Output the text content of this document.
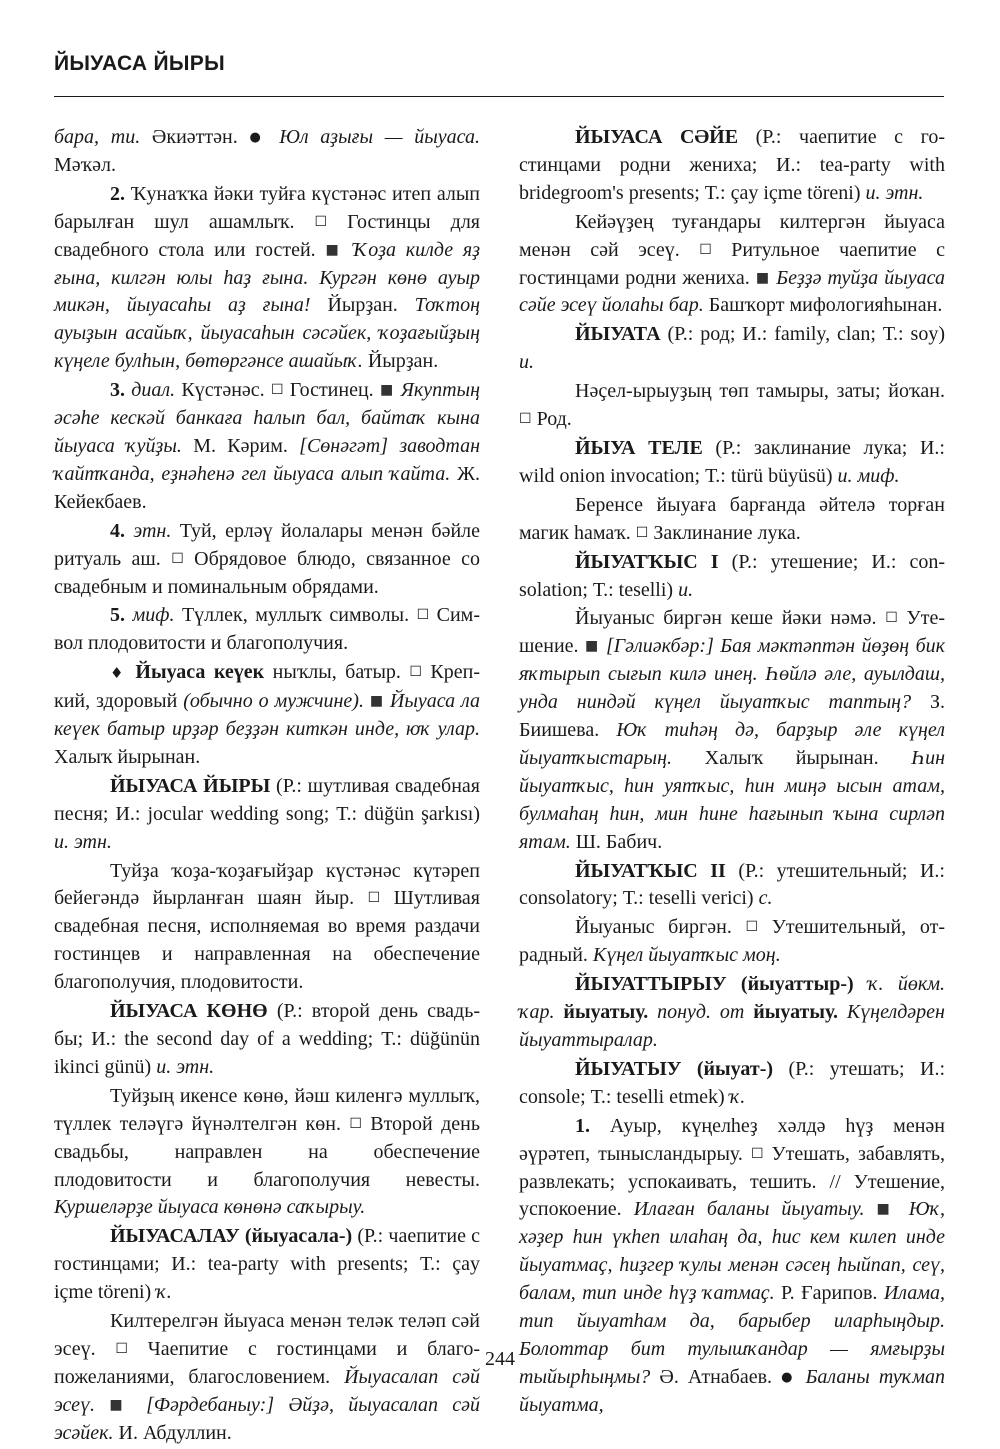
ЙЫУАСА ЙЫРЫ

бара, ти. Әкиәттән. ● Юл аҙығы — йыуаса. Мәҡәл.

2. Ҡунаҡҡа йәки туйға күстәнәс итеп алып барылған шул ашамлыҡ. ☐ Гостинцы для свадебного стола или гостей. ■ Ҡоҙа килде яҙ ғына, килгән юлы һаҙ ғына. Кургән көнө ауыр микән, йыуасаһы аҙ ғына! Йырҙан. Тоҡтоң ауыҙын асайыҡ, йыуасаһын сәсәйек, ҡоҙағыйҙың күңеле булһын, бөтөргәнсе ашайыҡ. Йырҙан.

3. диал. Күстәнәс. ☐ Гостинец. ■ Якуптың әсәһе кескәй банкаға һалып бал, байтаҡ кына йыуаса ҡуйҙы. М. Кәрим. [Сөнәгәт] заводтан ҡайтҡанда, еҙнәһенә гел йыуаса алып ҡайта. Ж. Кейекбаев.

4. этн. Туй, ерләү йолалары менән бәйле ритуаль аш. ☐ Обрядовое блюдо, связанное со свадебным и поминальным обрядами.

5. миф. Түллек, муллыҡ символы. ☐ Символ плодовитости и благополучия.

♦ Йыуаса кеүек ныҡлы, батыр. ☐ Крепкий, здоровый (обычно о мужчине). ■ Йыуаса ла кеүек батыр ирҙәр беҙҙән киткән инде, юҡ улар. Халыҡ йырынан.

ЙЫУАСА ЙЫРЫ (Р.: шутливая свадебная песня; И.: jocular wedding song; Т.: düğün şarkısı) и. этн.

Туйҙа ҡоҙа-ҡоҙағыйҙар күстәнәс күтәреп бейегәндә йырланған шаян йыр. ☐ Шутливая свадебная песня, исполняемая во время раздачи гостинцев и направленная на обеспечение благополучия, плодовитости.

ЙЫУАСА КӨНӨ (Р.: второй день свадьбы; И.: the second day of a wedding; Т.: düğünün ikinci günü) и. этн.

Туйҙың икенсе көнө, йәш киленгә муллыҡ, түллек теләүгә йүнәлтелгән көн. ☐ Второй день свадьбы, направлен на обеспечение плодовитости и благополучия невесты. Куршеләрҙе йыуаса көнөнә саҡырыу.

ЙЫУАСАЛАУ (йыуасала-) (Р.: чаепитие с гостинцами; И.: tea-party with presents; Т.: çay içme töreni) ҡ.

Килтерелгән йыуаса менән теләк теләп сәй эсеү. ☐ Чаепитие с гостинцами и благопожеланиями, благословением. Йыуасалап сәй эсеү. ■ [Фәрдебаныу:] Әйҙә, йыуасалап сәй эсәйек. И. Абдуллин.

ЙЫУАСА СӘЙЕ (Р.: чаепитие с гостинцами родни жениха; И.: tea-party with bridegroom's presents; Т.: çay içme töreni) и. этн.

Кейәүҙең туғандары килтергән йыуаса менән сәй эсеү. ☐ Ритульное чаепитие с гостинцами родни жениха. ■ Беҙҙә туйҙа йыуаса сәйе эсеү йолаһы бар. Башҡорт мифологияһынан.

ЙЫУАТА (Р.: род; И.: family, clan; Т.: soy) и.

Нәҫел-ырыуҙың төп тамыры, заты; йоҡан. ☐ Род.

ЙЫУА ТЕЛЕ (Р.: заклинание лука; И.: wild onion invocation; Т.: türü büyüsü) и. миф.

Беренсе йыуаға барғанда әйтелә торған магик һамаҡ. ☐ Заклинание лука.

ЙЫУАТҠЫС I (Р.: утешение; И.: consolation; Т.: teselli) и.

Йыуаныс биргән кеше йәки нәмә. ☐ Утешение. ■ [Гәлиәкбәр:] Бая мәктәптән йөҙөң бик яҡтырып сығып килә инең. Һөйлә әле, ауылдаш, унда ниндәй күңел йыуатҡыс таптың? З. Биишева. Юҡ тиһәң дә, барҙыр әле күңел йыуатҡыстарың. Халыҡ йырынан. Һин йыуатҡыс, һин уятҡыс, һин миңә ысын атам, булмаһаң һин, мин һине һағынып ҡына сирләп ятам. Ш. Бабич.

ЙЫУАТҠЫС II (Р.: утешительный; И.: consolatory; Т.: teselli verici) с.

Йыуаныс биргән. ☐ Утешительный, отрадный. Күңел йыуатҡыс моң.

ЙЫУАТТЫРЫУ (йыуаттыр-) ҡ. йөкм. ҡар. йыуатыу. понуд. от йыуатыу. Күңелдәрен йыуаттыралар.

ЙЫУАТЫУ (йыуат-) (Р.: утешать; И.: console; Т.: teselli etmek) ҡ.

1. Ауыр, күңелһеҙ хәлдә һүҙ менән әүрәтеп, тынысландырыу. ☐ Утешать, забавлять, развлекать; успокаивать, тешить. // Утешение, успокоение. Илаған баланы йыуатыу. ■ Юҡ, хәҙер һин үкһеп илаһаң да, һис кем килеп инде йыуатмаҫ, һиҙгер ҡулы менән сәсең һыйпап, сеү, балам, тип инде һүҙ ҡатмаҫ. Р. Ғарипов. Илама, тип йыуатһам да, барыбер иларһыңдыр. Болоттар бит тулышҡандар — ямғырҙы тыйырһыңмы? Ә. Атнабаев. ● Баланы туҡмап йыуатма,

244
